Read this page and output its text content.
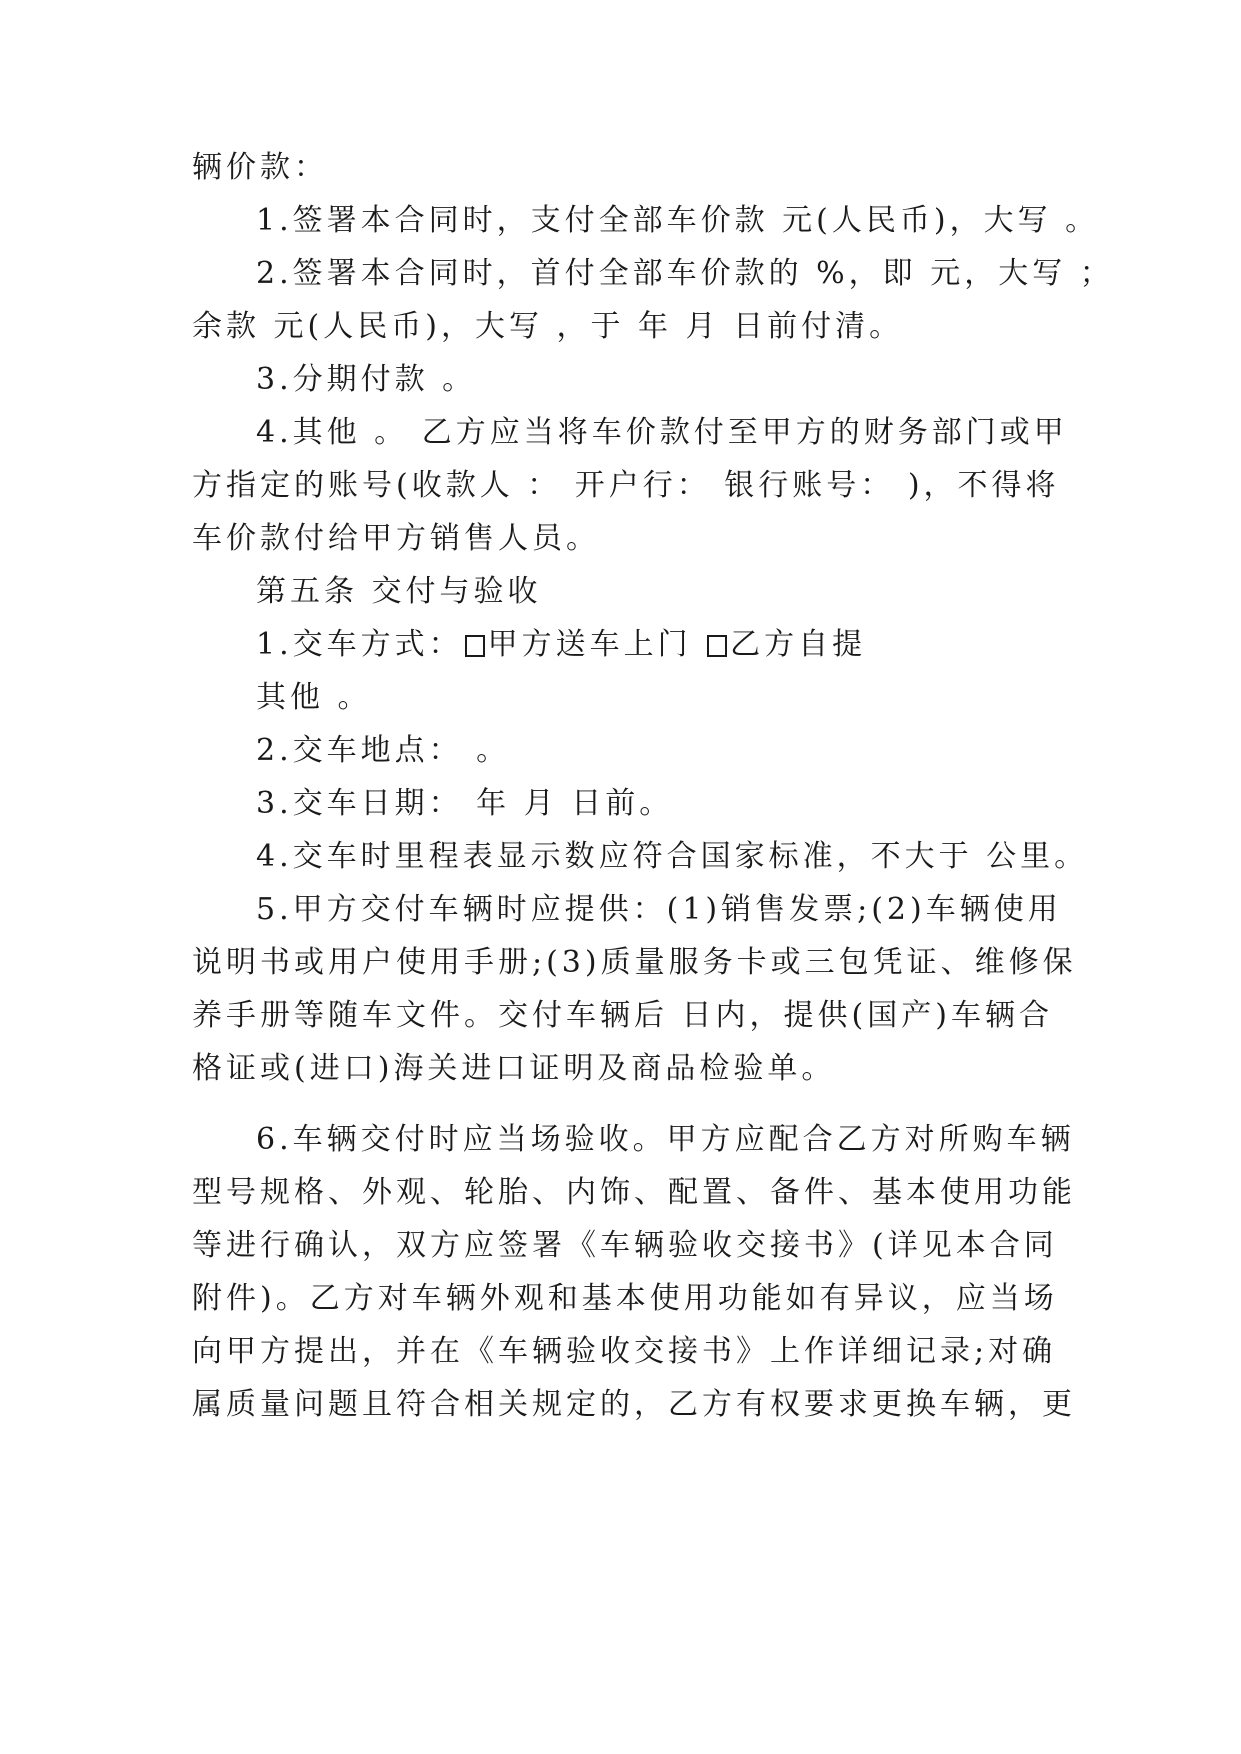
辆价款：
1.签署本合同时，支付全部车价款 元(人民币)，大写 。
2.签署本合同时，首付全部车价款的 %，即 元，大写 ；
余款 元(人民币)，大写 ，于 年 月 日前付清。
3.分期付款 。
4.其他 。 乙方应当将车价款付至甲方的财务部门或甲
方指定的账号(收款人 ： 开户行： 银行账号： )，不得将
车价款付给甲方销售人员。
第五条 交付与验收
1.交车方式： 甲方送车上门 乙方自提
其他 。
2.交车地点： 。
3.交车日期： 年 月 日前。
4.交车时里程表显示数应符合国家标准，不大于 公里。
5.甲方交付车辆时应提供：(1)销售发票;(2)车辆使用
说明书或用户使用手册;(3)质量服务卡或三包凭证、维修保
养手册等随车文件。交付车辆后 日内，提供(国产)车辆合
格证或(进口)海关进口证明及商品检验单。
6.车辆交付时应当场验收。甲方应配合乙方对所购车辆
型号规格、外观、轮胎、内饰、配置、备件、基本使用功能
等进行确认，双方应签署《车辆验收交接书》(详见本合同
附件)。乙方对车辆外观和基本使用功能如有异议，应当场
向甲方提出，并在《车辆验收交接书》上作详细记录;对确
属质量问题且符合相关规定的，乙方有权要求更换车辆，更
